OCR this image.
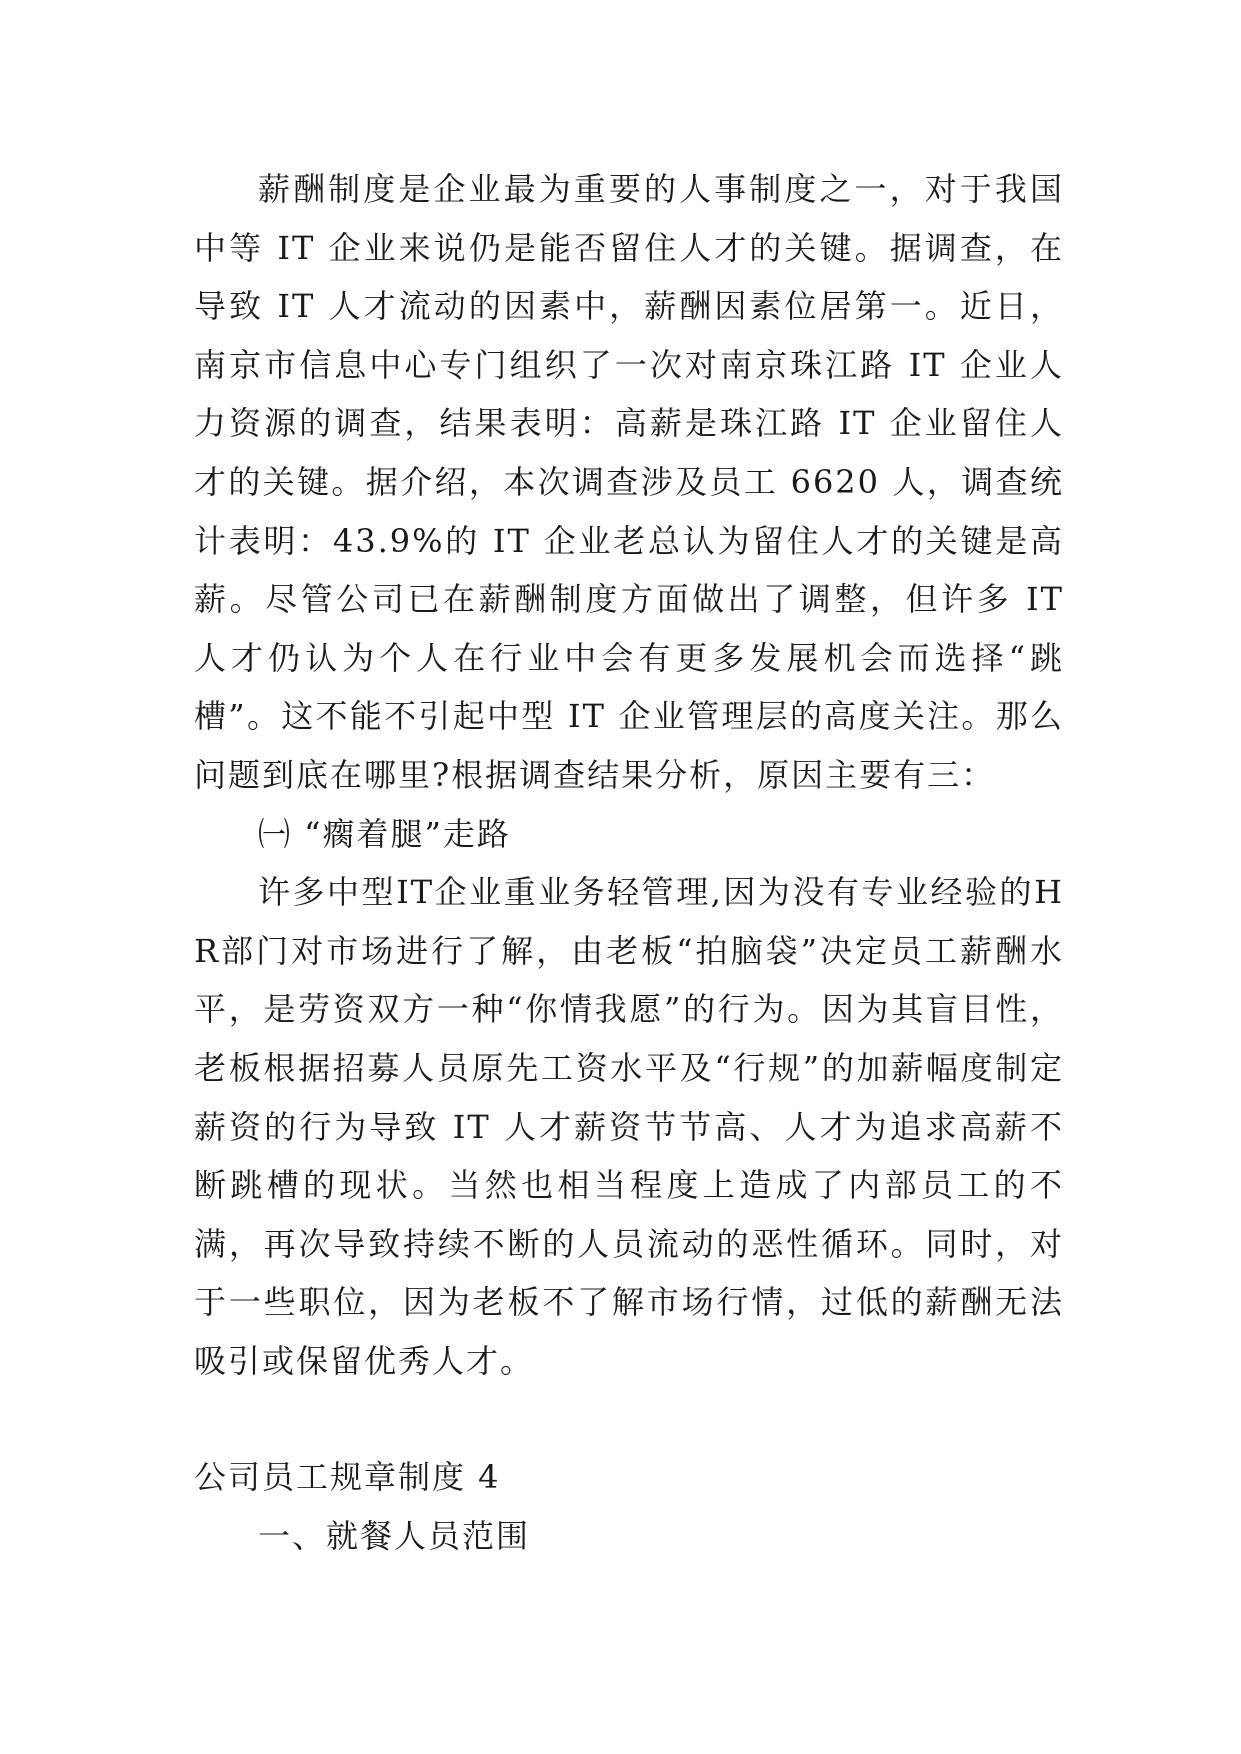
薪酬制度是企业最为重要的人事制度之一，对于我国中等 IT 企业来说仍是能否留住人才的关键。据调查，在导致 IT 人才流动的因素中，薪酬因素位居第一。近日，南京市信息中心专门组织了一次对南京珠江路 IT 企业人力资源的调查，结果表明：高薪是珠江路 IT 企业留住人才的关键。据介绍，本次调查涉及员工 6620 人，调查统计表明：43.9%的 IT 企业老总认为留住人才的关键是高薪。尽管公司已在薪酬制度方面做出了调整，但许多 IT 人才仍认为个人在行业中会有更多发展机会而选择“跳槽”。这不能不引起中型 IT 企业管理层的高度关注。那么问题到底在哪里?根据调查结果分析，原因主要有三：

㈠ “瘸着腿”走路

许多中型IT企业重业务轻管理,因为没有专业经验的HR部门对市场进行了解，由老板“拍脑袋”决定员工薪酬水平，是劳资双方一种“你情我愿”的行为。因为其盲目性，老板根据招募人员原先工资水平及“行规”的加薪幅度制定薪资的行为导致 IT 人才薪资节节高、人才为追求高薪不断跳槽的现状。当然也相当程度上造成了内部员工的不满，再次导致持续不断的人员流动的恶性循环。同时，对于一些职位，因为老板不了解市场行情，过低的薪酬无法吸引或保留优秀人才。

公司员工规章制度 4

一、就餐人员范围
